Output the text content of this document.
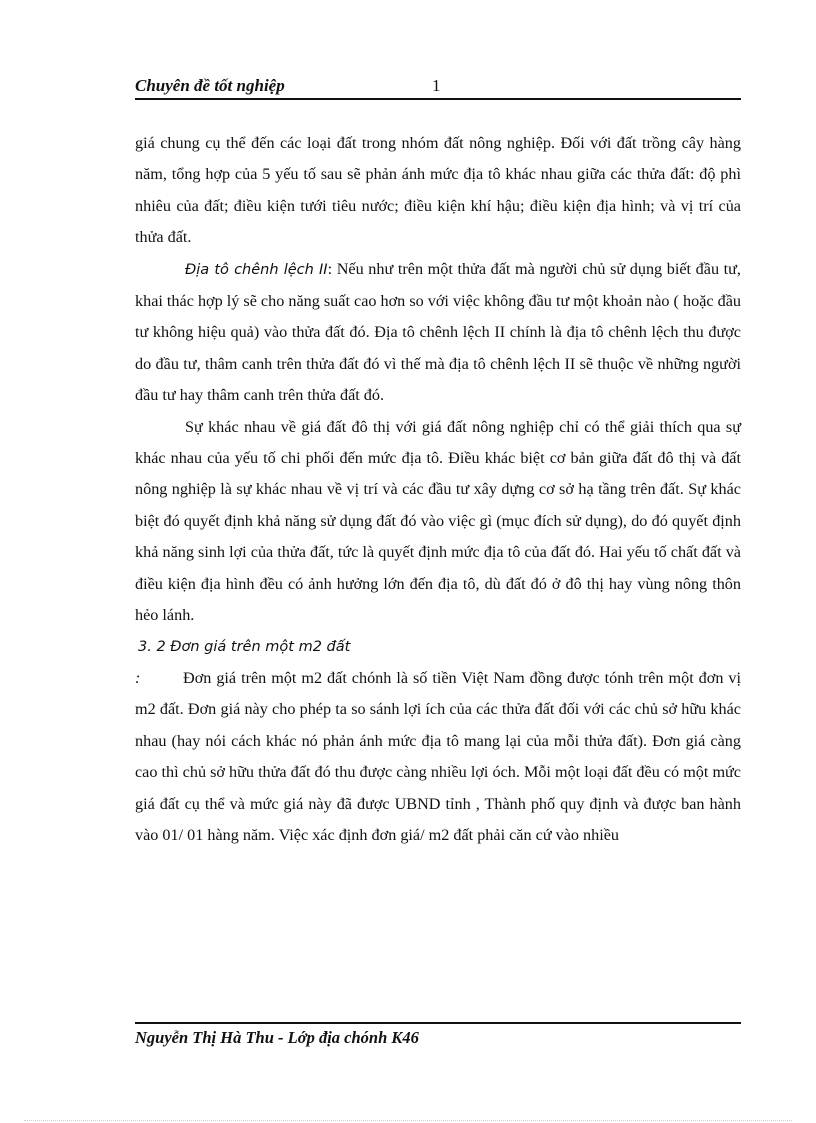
Chuyên đề tốt nghiệp	1

giá chung cụ thể đến các loại đất trong nhóm đất nông nghiệp. Đối với đất trồng cây hàng năm, tổng hợp của 5 yếu tố sau sẽ phản ánh mức địa tô khác nhau giữa các thửa đất: độ phì nhiêu của đất; điều kiện tưới tiêu nước; điều kiện khí hậu; điều kiện địa hình; và vị trí của thửa đất.

Địa tô chênh lệch II: Nếu như trên một thửa đất mà người chủ sử dụng biết đầu tư, khai thác hợp lý sẽ cho năng suất cao hơn so với việc không đầu tư một khoản nào ( hoặc đầu tư không hiệu quả) vào thửa đất đó. Địa tô chênh lệch II chính là địa tô chênh lệch thu được do đầu tư, thâm canh trên thửa đất đó vì thế mà địa tô chênh lệch II sẽ thuộc về những người đầu tư hay thâm canh trên thửa đất đó.

Sự khác nhau về giá đất đô thị với giá đất nông nghiệp chỉ có thể giải thích qua sự khác nhau của yếu tố chi phối đến mức địa tô. Điều khác biệt cơ bản giữa đất đô thị và đất nông nghiệp là sự khác nhau về vị trí và các đầu tư xây dựng cơ sở hạ tầng trên đất. Sự khác biệt đó quyết định khả năng sử dụng đất đó vào việc gì (mục đích sử dụng), do đó quyết định khả năng sinh lợi của thửa đất, tức là quyết định mức địa tô của đất đó. Hai yếu tố chất đất và điều kiện địa hình đều có ảnh hưởng lớn đến địa tô, dù đất đó ở đô thị hay vùng nông thôn hẻo lánh.

3. 2 Đơn giá trên một m2 đất

:	Đơn giá trên một m2 đất chónh là số tiền Việt Nam đồng được tónh trên một đơn vị m2 đất. Đơn giá này cho phép ta so sánh lợi ích của các thửa đất đối với các chủ sở hữu khác nhau (hay nói cách khác nó phản ánh mức địa tô mang lại của mỗi thửa đất). Đơn giá càng cao thì chủ sở hữu thửa đất đó thu được càng nhiều lợi óch. Mỗi một loại đất đều có một mức giá đất cụ thể và mức giá này đã được UBND tỉnh , Thành phố quy định và được ban hành vào 01/ 01 hàng năm. Việc xác định đơn giá/ m2 đất phải căn cứ vào nhiều

Nguyễn Thị Hà Thu - Lớp địa chónh K46
